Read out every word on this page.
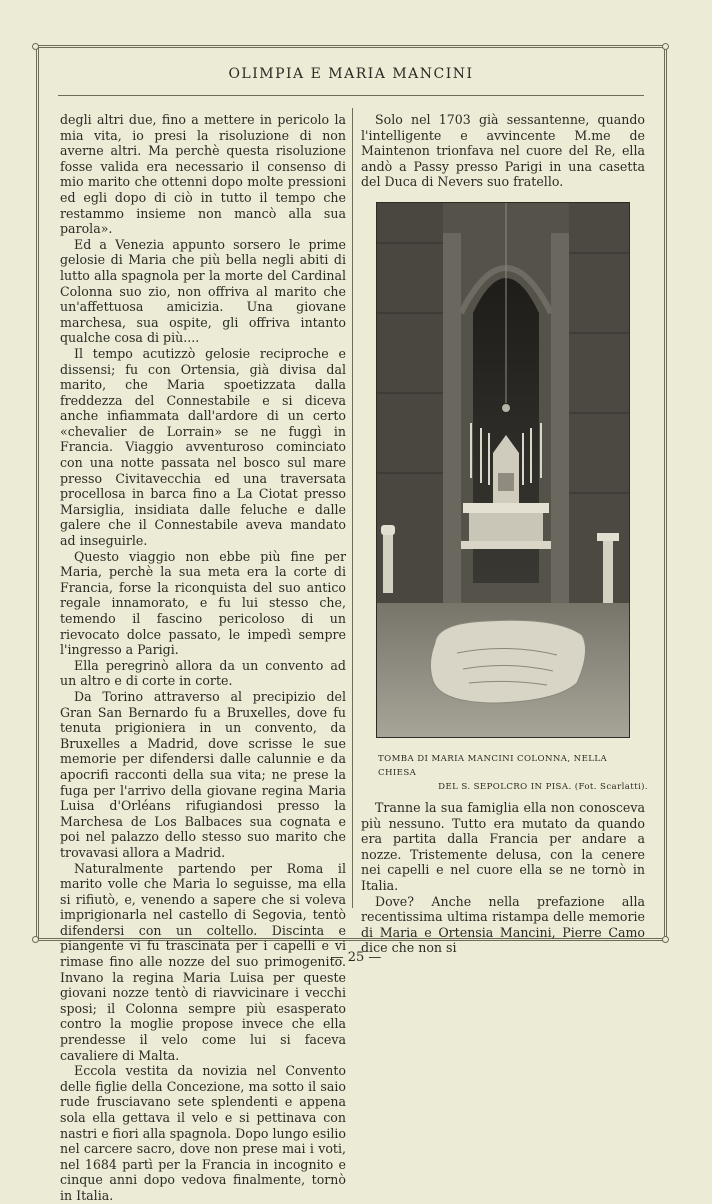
OLIMPIA E MARIA MANCINI

degli altri due, fino a mettere in pericolo la mia vita, io presi la risoluzione di non averne altri. Ma perchè questa risoluzione fosse valida era necessario il consenso di mio marito che ottenni dopo molte pressioni ed egli dopo di ciò in tutto il tempo che restammo insieme non mancò alla sua parola».

Ed a Venezia appunto sorsero le prime gelosie di Maria che più bella negli abiti di lutto alla spagnola per la morte del Cardinal Colonna suo zio, non offriva al marito che un'affettuosa amicizia. Una giovane marchesa, sua ospite, gli offriva intanto qualche cosa di più....

Il tempo acutizzò gelosie reciproche e dissensi; fu con Ortensia, già divisa dal marito, che Maria spoetizzata dalla freddezza del Connestabile e si diceva anche infiammata dall'ardore di un certo «chevalier de Lorrain» se ne fuggì in Francia. Viaggio avventuroso cominciato con una notte passata nel bosco sul mare presso Civitavecchia ed una traversata procellosa in barca fino a La Ciotat presso Marsiglia, insidiata dalle feluche e dalle galere che il Connestabile aveva mandato ad inseguirle.

Questo viaggio non ebbe più fine per Maria, perchè la sua meta era la corte di Francia, forse la riconquista del suo antico regale innamorato, e fu lui stesso che, temendo il fascino pericoloso di un rievocato dolce passato, le impedì sempre l'ingresso a Parigi.

Ella peregrinò allora da un convento ad un altro e di corte in corte.

Da Torino attraverso al precipizio del Gran San Bernardo fu a Bruxelles, dove fu tenuta prigioniera in un convento, da Bruxelles a Madrid, dove scrisse le sue memorie per difendersi dalle calunnie e da apocrifi racconti della sua vita; ne prese la fuga per l'arrivo della giovane regina Maria Luisa d'Orléans rifugiandosi presso la Marchesa de Los Balbaces sua cognata e poi nel palazzo dello stesso suo marito che trovavasi allora a Madrid.

Naturalmente partendo per Roma il marito volle che Maria lo seguisse, ma ella si rifiutò, e, venendo a sapere che si voleva imprigionarla nel castello di Segovia, tentò difendersi con un coltello. Discinta e piangente vi fu trascinata per i capelli e vi rimase fino alle nozze del suo primogenito. Invano la regina Maria Luisa per queste giovani nozze tentò di riavvicinare i vecchi sposi; il Colonna sempre più esasperato contro la moglie propose invece che ella prendesse il velo come lui si faceva cavaliere di Malta.

Eccola vestita da novizia nel Convento delle figlie della Concezione, ma sotto il saio rude frusciavano sete splendenti e appena sola ella gettava il velo e si pettinava con nastri e fiori alla spagnola. Dopo lungo esilio nel carcere sacro, dove non prese mai i voti, nel 1684 partì per la Francia in incognito e cinque anni dopo vedova finalmente, tornò in Italia.

Solo nel 1703 già sessantenne, quando l'intelligente e avvincente M.me de Maintenon trionfava nel cuore del Re, ella andò a Passy presso Parigi in una casetta del Duca di Nevers suo fratello.

TOMBA DI MARIA MANCINI COLONNA, NELLA CHIESA
DEL S. SEPOLCRO IN PISA. (Fot. Scarlatti).

Tranne la sua famiglia ella non conosceva più nessuno. Tutto era mutato da quando era partita dalla Francia per andare a nozze. Tristemente delusa, con la cenere nei capelli e nel cuore ella se ne tornò in Italia.

Dove? Anche nella prefazione alla recentissima ultima ristampa delle memorie di Maria e Ortensia Mancini, Pierre Camo dice che non si

— 25 —
